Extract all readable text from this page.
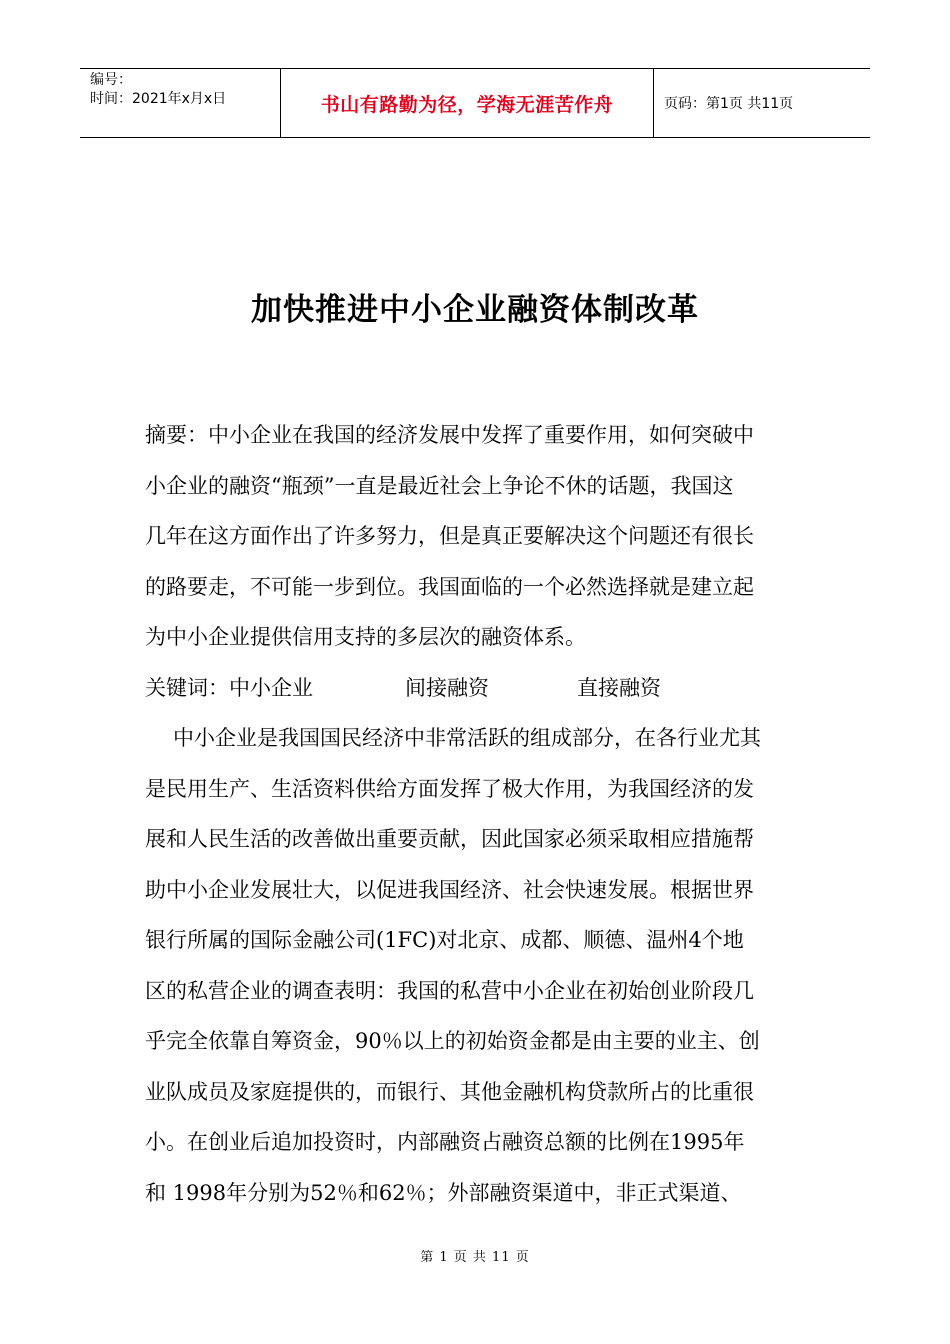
编号：
时间：2021年x月x日	书山有路勤为径，学海无涯苦作舟	页码：第1页 共11页
加快推进中小企业融资体制改革
摘要：中小企业在我国的经济发展中发挥了重要作用，如何突破中
小企业的融资“瓶颈”一直是最近社会上争论不休的话题，我国这
几年在这方面作出了许多努力，但是真正要解决这个问题还有很长
的路要走，不可能一步到位。我国面临的一个必然选择就是建立起
为中小企业提供信用支持的多层次的融资体系。
关键词：中小企业	间接融资	直接融资
中小企业是我国国民经济中非常活跃的组成部分，在各行业尤其
是民用生产、生活资料供给方面发挥了极大作用，为我国经济的发
展和人民生活的改善做出重要贡献，因此国家必须采取相应措施帮
助中小企业发展壮大，以促进我国经济、社会快速发展。根据世界
银行所属的国际金融公司(1FC)对北京、成都、顺德、温州4个地
区的私营企业的调查表明：我国的私营中小企业在初始创业阶段几
乎完全依靠自筹资金，90％以上的初始资金都是由主要的业主、创
业队成员及家庭提供的，而银行、其他金融机构贷款所占的比重很
小。在创业后追加投资时，内部融资占融资总额的比例在1995年
和 1998年分别为52％和62％；外部融资渠道中，非正式渠道、
第 1 页 共 11 页
